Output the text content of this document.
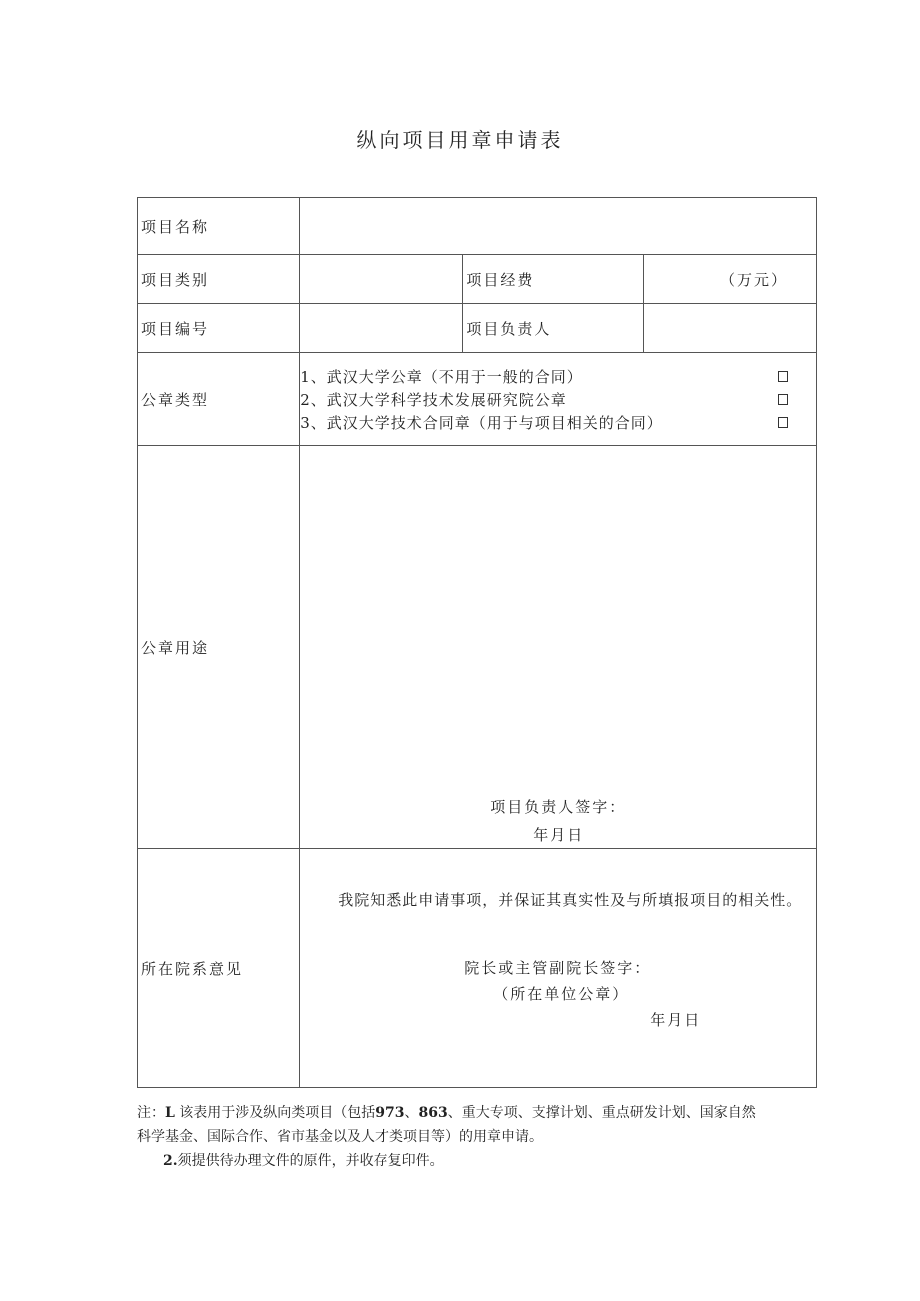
纵向项目用章申请表
项目名称			
项目类别		项目经费	（万元）
项目编号		项目负责人	
公章类型	1、武汉大学公章（不用于一般的合同）
2、武汉大学科学技术发展研究院公章
3、武汉大学技术合同章（用于与项目相关的合同）		

公章用途	项目负责人签字：
年月日		

所在院系意见	我院知悉此申请事项，并保证其真实性及与所填报项目的相关性。
院长或主管副院长签字：
（所在单位公章）
年月日		

注：L 该表用于涉及纵向类项目（包括973、863、重大专项、支撑计划、重点研发计划、国家自然

科学基金、国际合作、省市基金以及人才类项目等）的用章申请。

2.须提供待办理文件的原件，并收存复印件。
